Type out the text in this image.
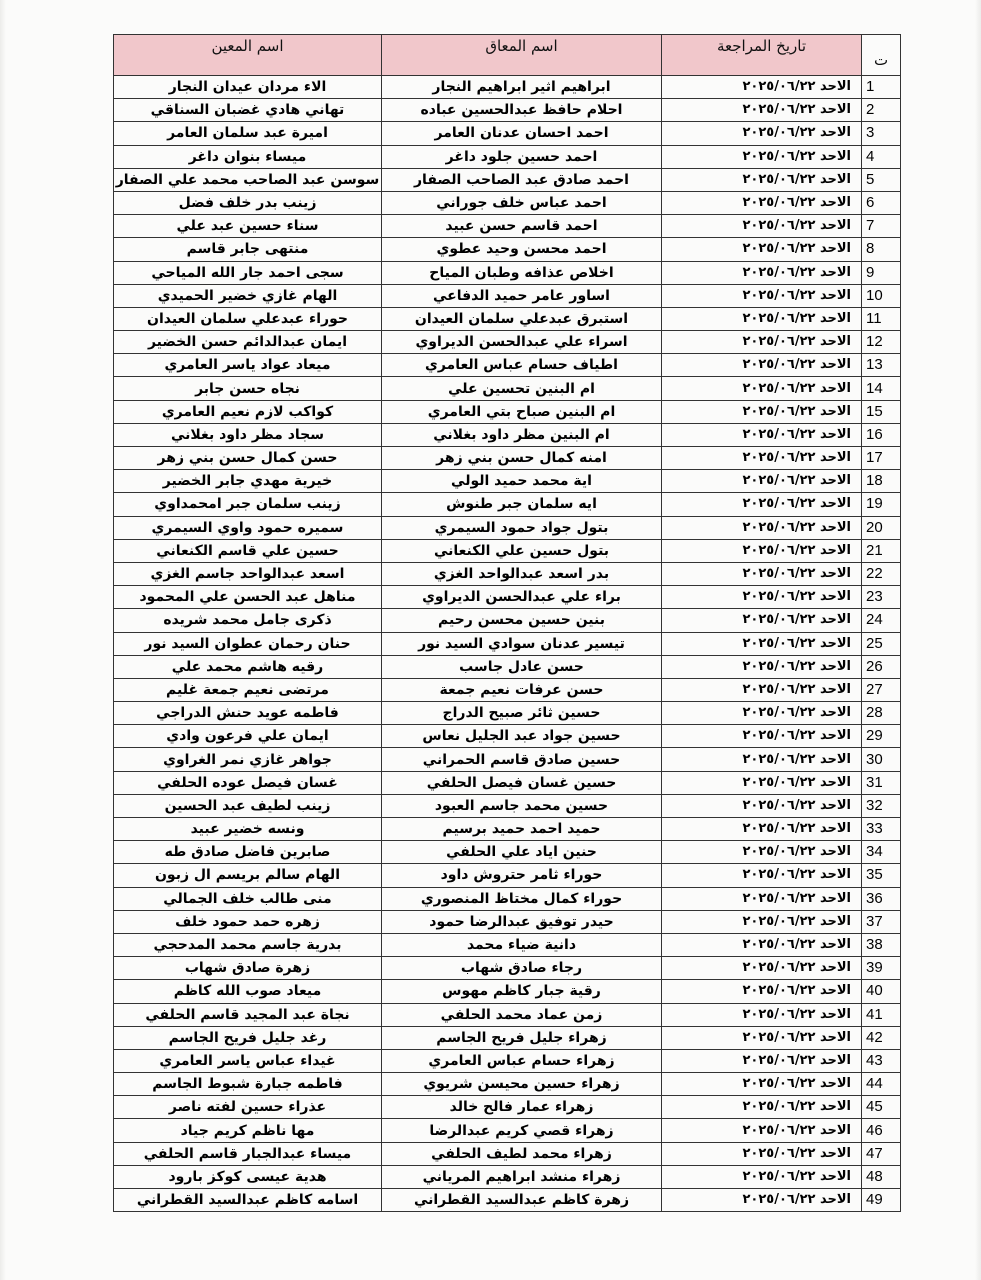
ت	تاريخ المراجعة	اسم المعاق	اسم المعين
1	الاحد ٢٠٢٥/٠٦/٢٢	ابراهيم اثير ابراهيم النجار	الاء مردان عيدان النجار
2	الاحد ٢٠٢٥/٠٦/٢٢	احلام حافظ عبدالحسين عباده	تهاني هادي غضبان السناقي
3	الاحد ٢٠٢٥/٠٦/٢٢	احمد احسان عدنان العامر	اميرة عبد سلمان العامر
4	الاحد ٢٠٢٥/٠٦/٢٢	احمد حسين جلود داغر	ميساء بنوان داغر
5	الاحد ٢٠٢٥/٠٦/٢٢	احمد صادق عبد الصاحب الصفار	سوسن عبد الصاحب محمد علي الصفار
6	الاحد ٢٠٢٥/٠٦/٢٢	احمد عباس خلف جوراني	زينب بدر خلف فضل
7	الاحد ٢٠٢٥/٠٦/٢٢	احمد قاسم حسن عبيد	سناء حسين عبد علي
8	الاحد ٢٠٢٥/٠٦/٢٢	احمد محسن وحيد عطوي	منتهى جابر قاسم
9	الاحد ٢٠٢٥/٠٦/٢٢	اخلاص عذافه وطبان المياح	سجى احمد جار الله المياحي
10	الاحد ٢٠٢٥/٠٦/٢٢	اساور عامر حميد الدفاعي	الهام غازي خضير الحميدي
11	الاحد ٢٠٢٥/٠٦/٢٢	استبرق عبدعلي سلمان العيدان	حوراء عبدعلي سلمان العيدان
12	الاحد ٢٠٢٥/٠٦/٢٢	اسراء علي عبدالحسن الديراوي	ايمان عبدالدائم حسن الخضير
13	الاحد ٢٠٢٥/٠٦/٢٢	اطياف حسام عباس العامري	ميعاد عواد ياسر العامري
14	الاحد ٢٠٢٥/٠٦/٢٢	ام البنين تحسين علي	نجاه حسن جابر
15	الاحد ٢٠٢٥/٠٦/٢٢	ام البنين صباح بتي العامري	كواكب لازم نعيم العامري
16	الاحد ٢٠٢٥/٠٦/٢٢	ام البنين مظر داود بغلاني	سجاد مظر داود بغلاني
17	الاحد ٢٠٢٥/٠٦/٢٢	امنه كمال حسن بني زهر	حسن كمال حسن بني زهر
18	الاحد ٢٠٢٥/٠٦/٢٢	اية محمد حميد الولي	خيرية مهدي جابر الخضير
19	الاحد ٢٠٢٥/٠٦/٢٢	ايه سلمان جبر طنوش	زينب سلمان جبر امحمداوي
20	الاحد ٢٠٢٥/٠٦/٢٢	بتول جواد حمود السيمري	سميره حمود واوي السيمري
21	الاحد ٢٠٢٥/٠٦/٢٢	بتول حسين علي الكنعاني	حسين علي قاسم الكنعاني
22	الاحد ٢٠٢٥/٠٦/٢٢	بدر اسعد عبدالواحد الغزي	اسعد عبدالواحد جاسم الغزي
23	الاحد ٢٠٢٥/٠٦/٢٢	براء علي عبدالحسن الديراوي	مناهل عبد الحسن علي المحمود
24	الاحد ٢٠٢٥/٠٦/٢٢	بنين حسين محسن رحيم	ذكرى جامل محمد شريده
25	الاحد ٢٠٢٥/٠٦/٢٢	تيسير عدنان سوادي السيد نور	حنان رحمان عطوان السيد نور
26	الاحد ٢٠٢٥/٠٦/٢٢	حسن عادل جاسب	رقيه هاشم محمد علي
27	الاحد ٢٠٢٥/٠٦/٢٢	حسن عرفات نعيم جمعة	مرتضى نعيم جمعة غليم
28	الاحد ٢٠٢٥/٠٦/٢٢	حسين ثائر صبيح الدراج	فاطمه عويد حنش الدراجي
29	الاحد ٢٠٢٥/٠٦/٢٢	حسين جواد عبد الجليل نعاس	ايمان علي فرعون وادي
30	الاحد ٢٠٢٥/٠٦/٢٢	حسين صادق قاسم الحمراني	جواهر غازي نمر الغراوي
31	الاحد ٢٠٢٥/٠٦/٢٢	حسين غسان فيصل الحلفي	غسان فيصل عوده الحلفي
32	الاحد ٢٠٢٥/٠٦/٢٢	حسين محمد جاسم العبود	زينب لطيف عبد الحسين
33	الاحد ٢٠٢٥/٠٦/٢٢	حميد احمد حميد برسيم	ونسه خضير عبيد
34	الاحد ٢٠٢٥/٠٦/٢٢	حنين اياد علي الحلفي	صابرين فاضل صادق طه
35	الاحد ٢٠٢٥/٠٦/٢٢	حوراء ثامر حتروش داود	الهام سالم بريسم ال زبون
36	الاحد ٢٠٢٥/٠٦/٢٢	حوراء كمال مختاظ المنصوري	منى طالب خلف الجمالي
37	الاحد ٢٠٢٥/٠٦/٢٢	حيدر توفيق عبدالرضا حمود	زهره حمد حمود خلف
38	الاحد ٢٠٢٥/٠٦/٢٢	دانية ضياء محمد	بدرية جاسم محمد المدحجي
39	الاحد ٢٠٢٥/٠٦/٢٢	رجاء صادق شهاب	زهرة صادق شهاب
40	الاحد ٢٠٢٥/٠٦/٢٢	رقية جبار كاظم مهوس	ميعاد صوب الله كاظم
41	الاحد ٢٠٢٥/٠٦/٢٢	زمن عماد محمد الحلفي	نجاة عبد المجيد قاسم الحلفي
42	الاحد ٢٠٢٥/٠٦/٢٢	زهراء جليل فريح الجاسم	رغد جليل فريح الجاسم
43	الاحد ٢٠٢٥/٠٦/٢٢	زهراء حسام عباس العامري	غيداء عباس ياسر العامري
44	الاحد ٢٠٢٥/٠٦/٢٢	زهراء حسين محيسن شريوي	فاطمه جبارة شبوط الجاسم
45	الاحد ٢٠٢٥/٠٦/٢٢	زهراء عمار فالح خالد	عذراء حسين لفته ناصر
46	الاحد ٢٠٢٥/٠٦/٢٢	زهراء قصي كريم عبدالرضا	مها ناظم كريم جياد
47	الاحد ٢٠٢٥/٠٦/٢٢	زهراء محمد لطيف الحلفي	ميساء عبدالجبار قاسم الحلفي
48	الاحد ٢٠٢٥/٠٦/٢٢	زهراء منشد ابراهيم المرياني	هدية عيسى كوكز بارود
49	الاحد ٢٠٢٥/٠٦/٢٢	زهرة كاظم عبدالسيد القطراني	اسامه كاظم عبدالسيد القطراني
